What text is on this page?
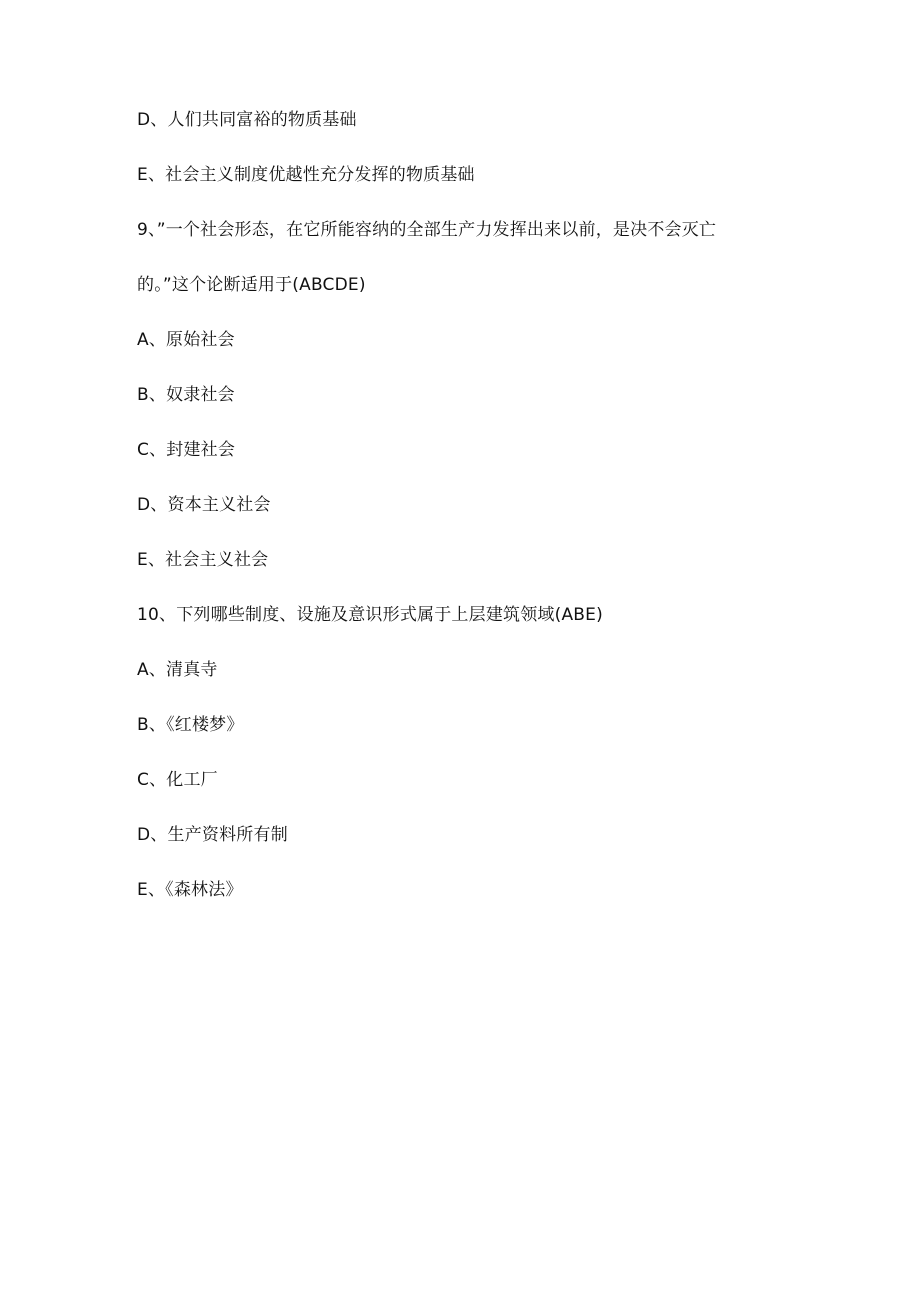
D、人们共同富裕的物质基础
E、社会主义制度优越性充分发挥的物质基础
9、”一个社会形态，在它所能容纳的全部生产力发挥出来以前，是决不会灭亡
的。”这个论断适用于(ABCDE)
A、原始社会
B、奴隶社会
C、封建社会
D、资本主义社会
E、社会主义社会
10、下列哪些制度、设施及意识形式属于上层建筑领域(ABE)
A、清真寺
B、《红楼梦》
C、化工厂
D、生产资料所有制
E、《森林法》
